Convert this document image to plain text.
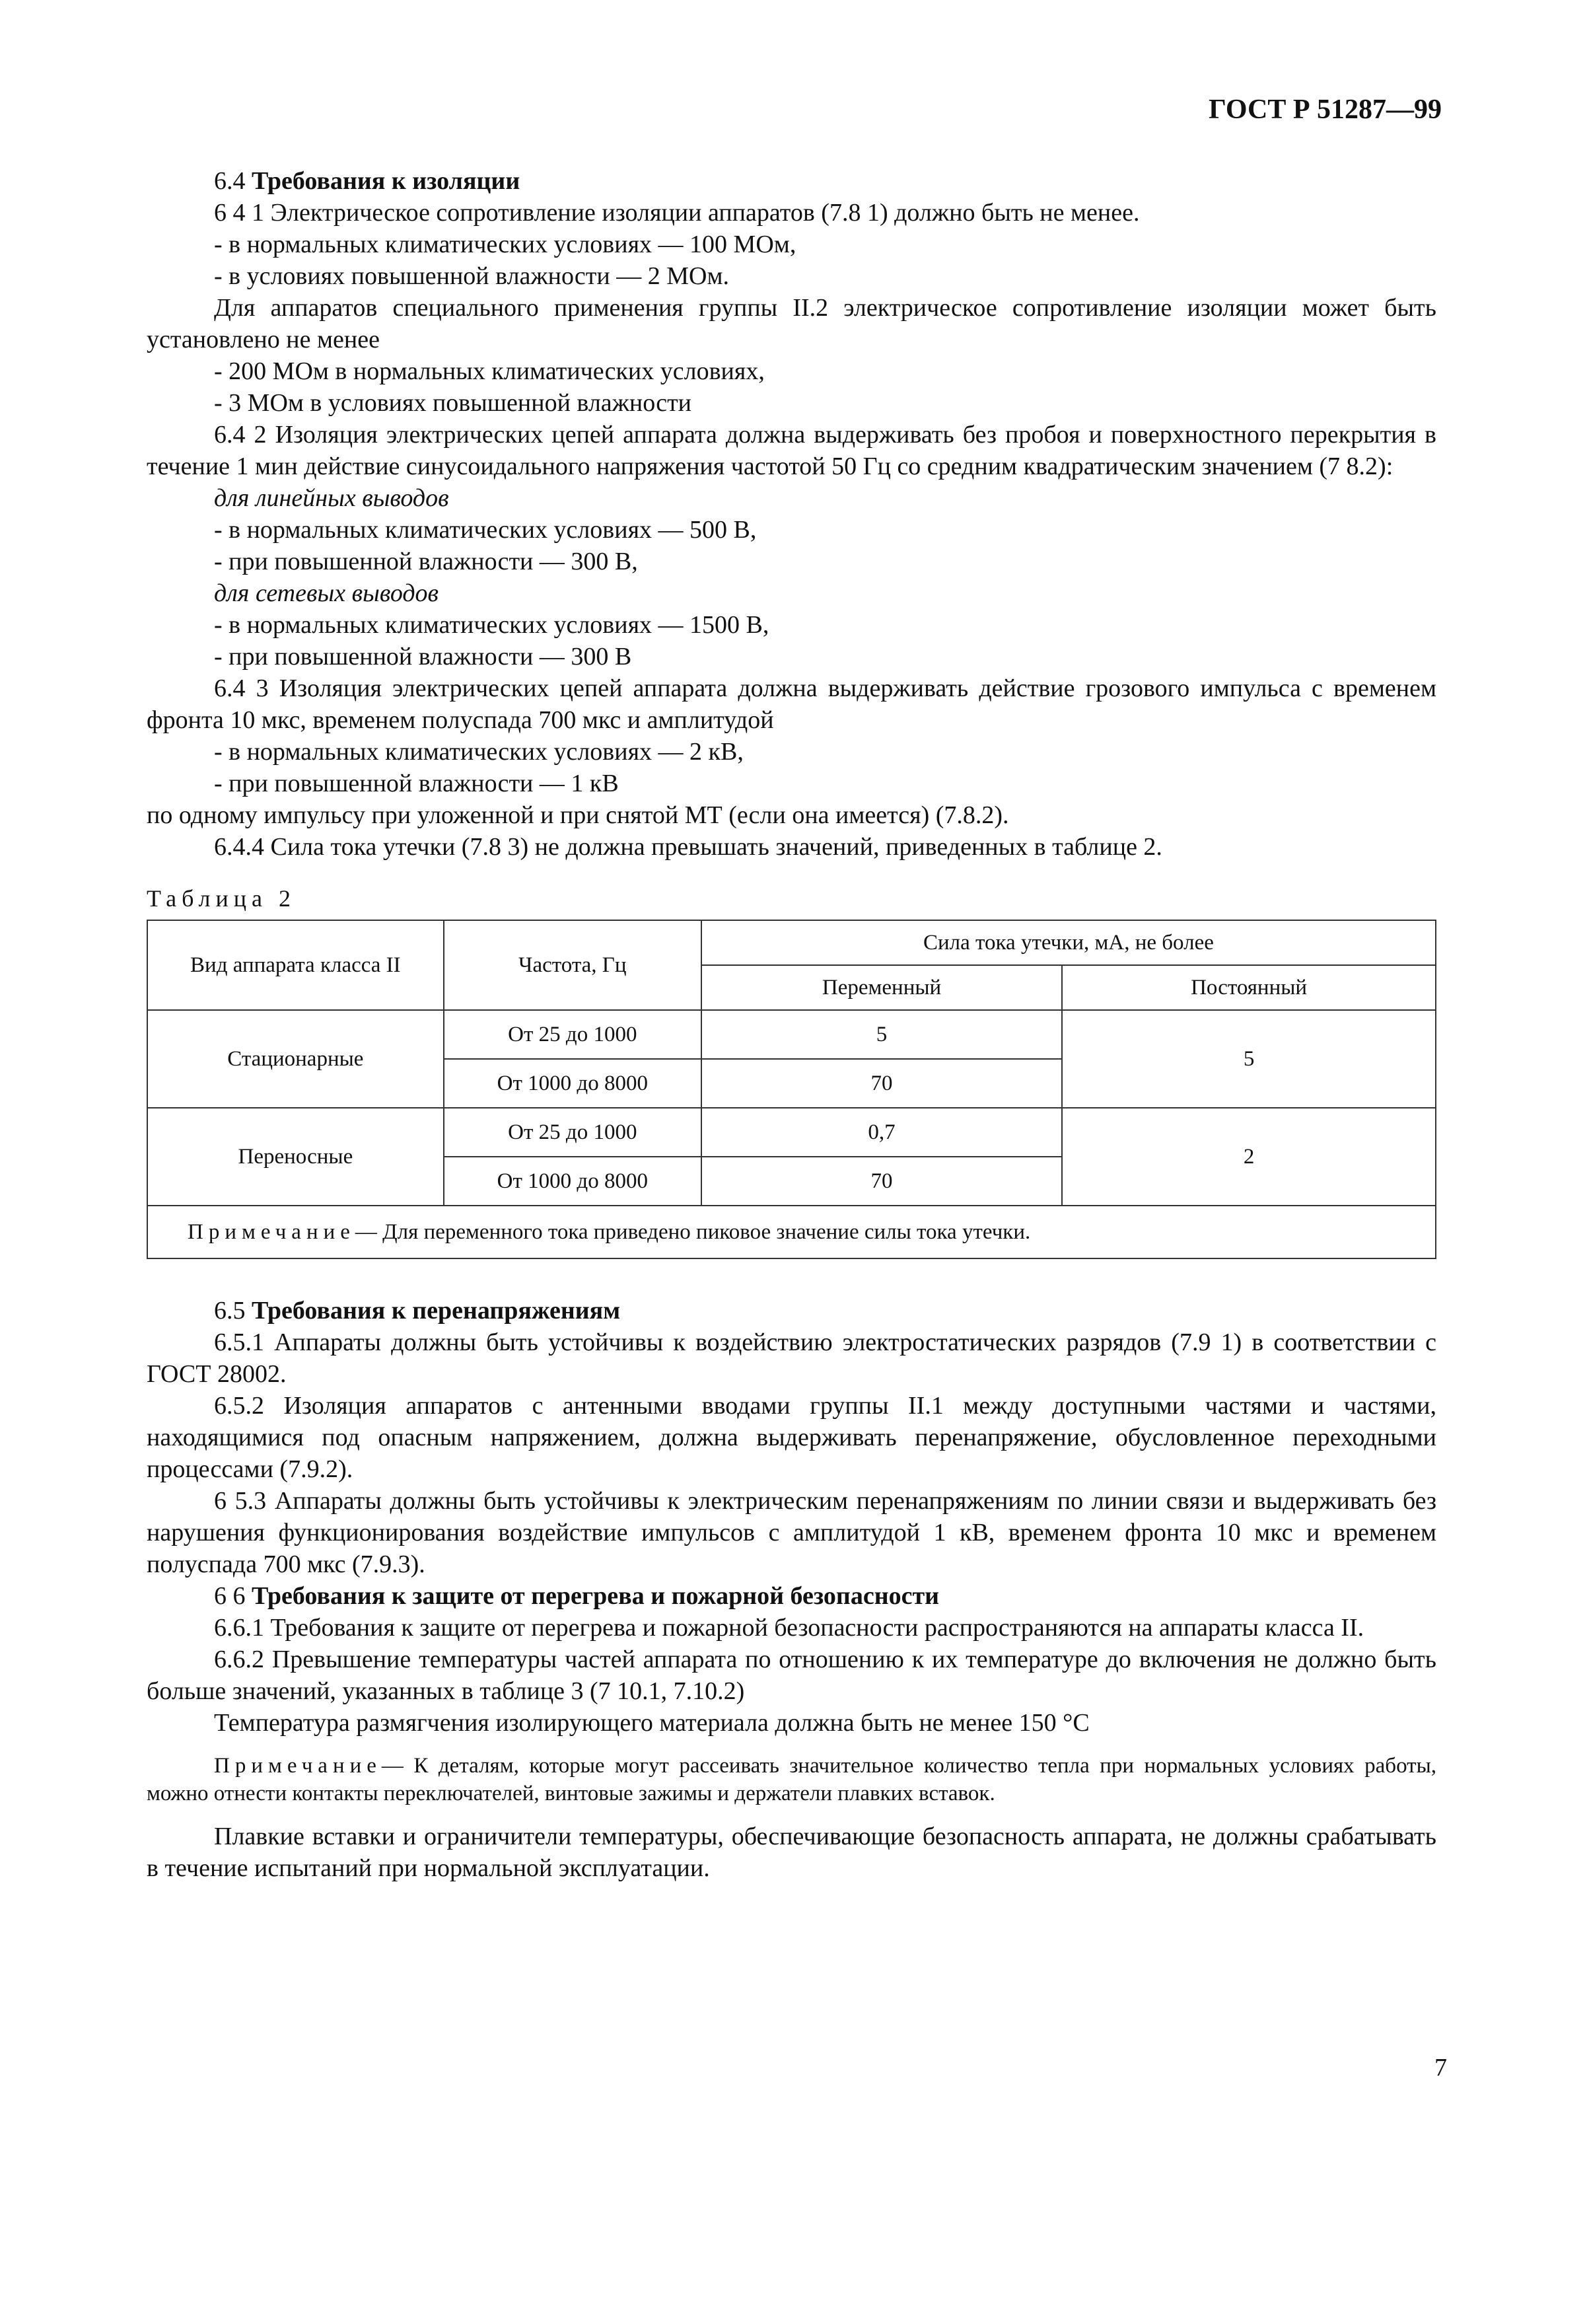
ГОСТ Р 51287—99
6.4 Требования к изоляции
6 4 1 Электрическое сопротивление изоляции аппаратов (7.8 1) должно быть не менее.
- в нормальных климатических условиях — 100 МОм,
- в условиях повышенной влажности — 2 МОм.
Для аппаратов специального применения группы II.2 электрическое сопротивление изоляции может быть установлено не менее
- 200 МОм в нормальных климатических условиях,
- 3 МОм в условиях повышенной влажности
6.4 2 Изоляция электрических цепей аппарата должна выдерживать без пробоя и поверхностного перекрытия в течение 1 мин действие синусоидального напряжения частотой 50 Гц со средним квадратическим значением (7 8.2):
для линейных выводов
- в нормальных климатических условиях — 500 В,
- при повышенной влажности — 300 В,
для сетевых выводов
- в нормальных климатических условиях — 1500 В,
- при повышенной влажности — 300 В
6.4 3 Изоляция электрических цепей аппарата должна выдерживать действие грозового импульса с временем фронта 10 мкс, временем полуспада 700 мкс и амплитудой
- в нормальных климатических условиях — 2 кВ,
- при повышенной влажности — 1 кВ
по одному импульсу при уложенной и при снятой МТ (если она имеется) (7.8.2).
6.4.4 Сила тока утечки (7.8 3) не должна превышать значений, приведенных в таблице 2.
Таблица 2
Вид аппарата класса II	Частота, Гц	Сила тока утечки, мА, не более	
		Переменный	Постоянный
Стационарные	От 25 до 1000	5	5
	От 1000 до 8000	70	
Переносные	От 25 до 1000	0,7	2
	От 1000 до 8000	70	
Примечание— Для переменного тока приведено пиковое значение силы тока утечки.			
6.5 Требования к перенапряжениям
6.5.1 Аппараты должны быть устойчивы к воздействию электростатических разрядов (7.9 1) в соответствии с ГОСТ 28002.
6.5.2 Изоляция аппаратов с антенными вводами группы II.1 между доступными частями и частями, находящимися под опасным напряжением, должна выдерживать перенапряжение, обусловленное переходными процессами (7.9.2).
6 5.3 Аппараты должны быть устойчивы к электрическим перенапряжениям по линии связи и выдерживать без нарушения функционирования воздействие импульсов с амплитудой 1 кВ, временем фронта 10 мкс и временем полуспада 700 мкс (7.9.3).
6 6 Требования к защите от перегрева и пожарной безопасности
6.6.1 Требования к защите от перегрева и пожарной безопасности распространяются на аппараты класса II.
6.6.2 Превышение температуры частей аппарата по отношению к их температуре до включения не должно быть больше значений, указанных в таблице 3 (7 10.1, 7.10.2)
Температура размягчения изолирующего материала должна быть не менее 150 °С
Примечание— К деталям, которые могут рассеивать значительное количество тепла при нормальных условиях работы, можно отнести контакты переключателей, винтовые зажимы и держатели плавких вставок.
Плавкие вставки и ограничители температуры, обеспечивающие безопасность аппарата, не должны срабатывать в течение испытаний при нормальной эксплуатации.
7
